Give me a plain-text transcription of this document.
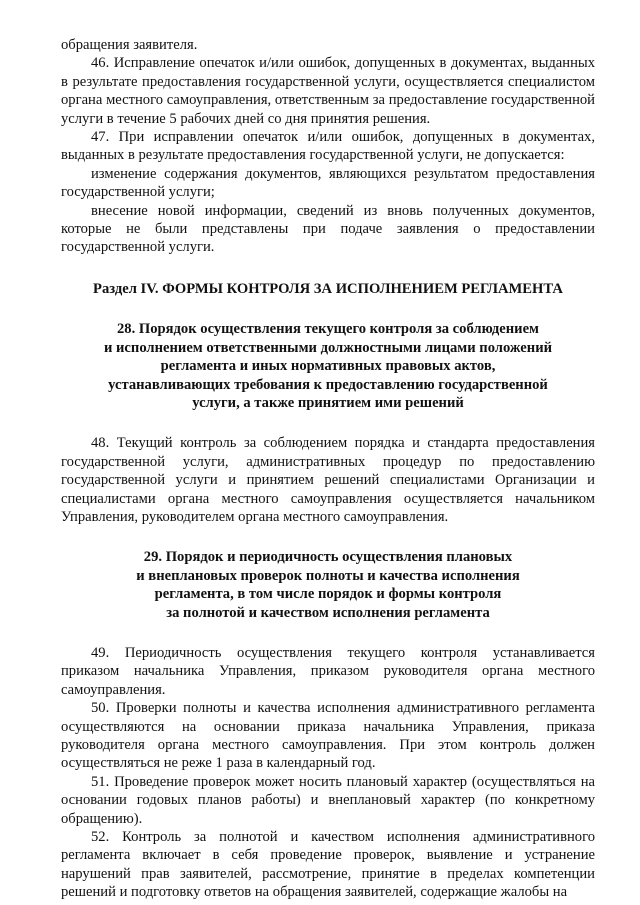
обращения заявителя.

46. Исправление опечаток и/или ошибок, допущенных в документах, выданных в результате предоставления государственной услуги, осуществляется специалистом органа местного самоуправления, ответственным за предоставление государственной услуги в течение 5 рабочих дней со дня принятия решения.

47. При исправлении опечаток и/или ошибок, допущенных в документах, выданных в результате предоставления государственной услуги, не допускается:

изменение содержания документов, являющихся результатом предоставления государственной услуги;

внесение новой информации, сведений из вновь полученных документов, которые не были представлены при подаче заявления о предоставлении государственной услуги.

Раздел IV. ФОРМЫ КОНТРОЛЯ ЗА ИСПОЛНЕНИЕМ РЕГЛАМЕНТА
28. Порядок осуществления текущего контроля за соблюдением
и исполнением ответственными должностными лицами положений
регламента и иных нормативных правовых актов,
устанавливающих требования к предоставлению государственной
услуги, а также принятием ими решений

48. Текущий контроль за соблюдением порядка и стандарта предоставления государственной услуги, административных процедур по предоставлению государственной услуги и принятием решений специалистами Организации и специалистами органа местного самоуправления осуществляется начальником Управления, руководителем органа местного самоуправления.

29. Порядок и периодичность осуществления плановых
и внеплановых проверок полноты и качества исполнения
регламента, в том числе порядок и формы контроля
за полнотой и качеством исполнения регламента

49. Периодичность осуществления текущего контроля устанавливается приказом начальника Управления, приказом руководителя органа местного самоуправления.

50. Проверки полноты и качества исполнения административного регламента осуществляются на основании приказа начальника Управления, приказа руководителя органа местного самоуправления. При этом контроль должен осуществляться не реже 1 раза в календарный год.

51. Проведение проверок может носить плановый характер (осуществляться на основании годовых планов работы) и внеплановый характер (по конкретному обращению).

52. Контроль за полнотой и качеством исполнения административного регламента включает в себя проведение проверок, выявление и устранение нарушений прав заявителей, рассмотрение, принятие в пределах компетенции решений и подготовку ответов на обращения заявителей, содержащие жалобы на
